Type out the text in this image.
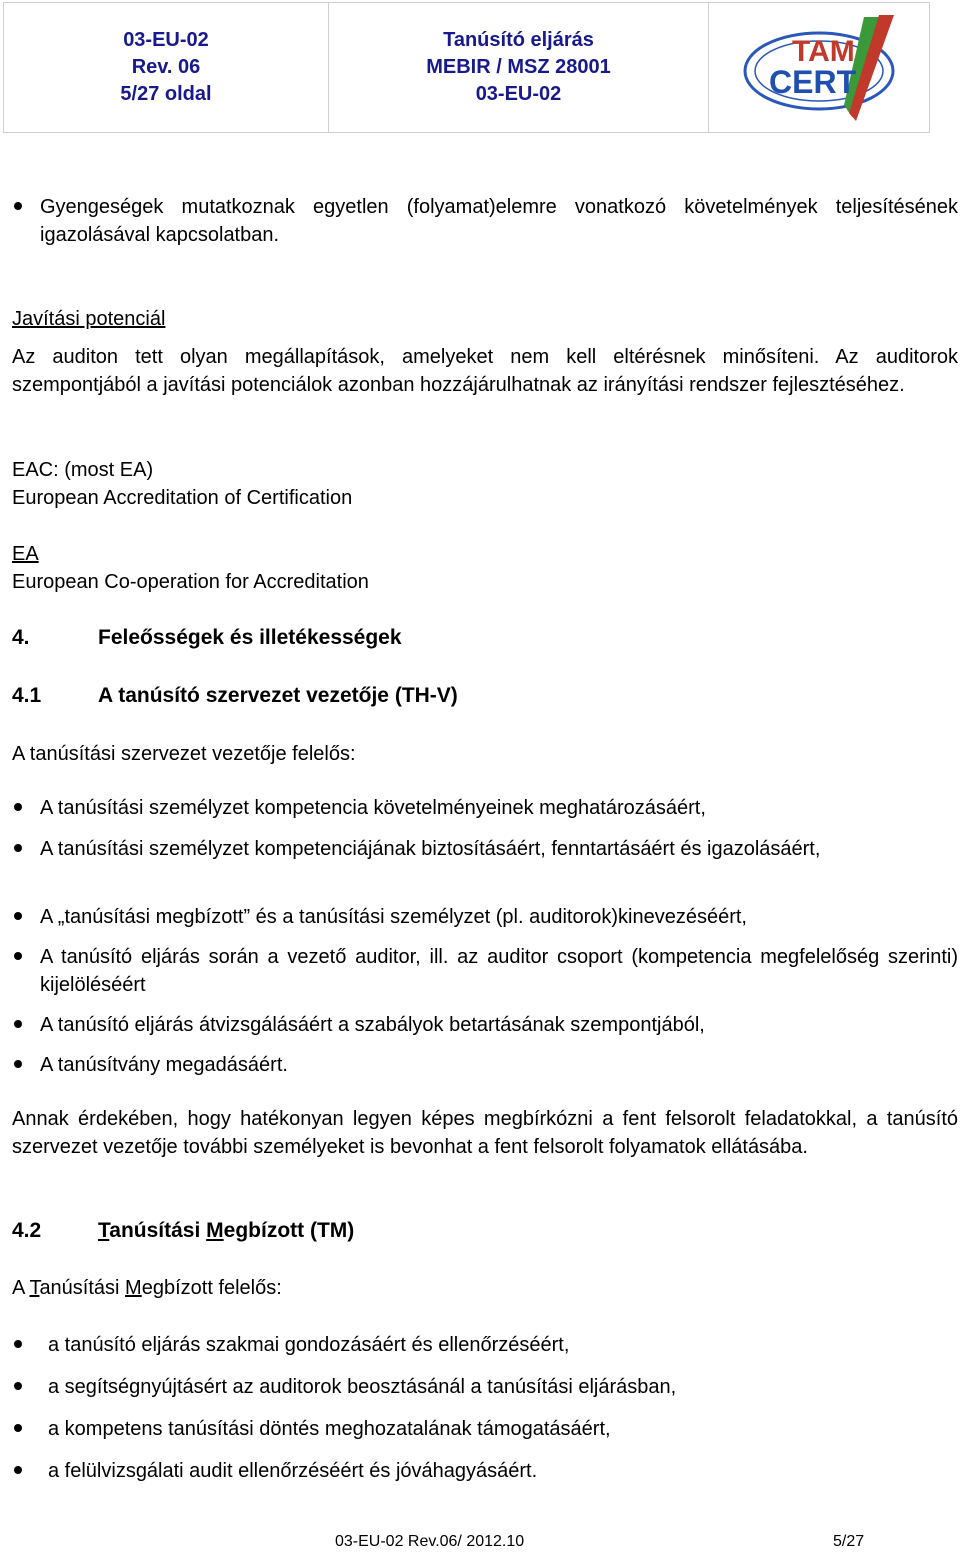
03-EU-02
Rev. 06
5/27 oldal
Tanúsító eljárás
MEBIR / MSZ 28001
03-EU-02
TAM
CERT
Gyengeségek mutatkoznak egyetlen (folyamat)elemre vonatkozó követelmények teljesítésének igazolásával kapcsolatban.
Javítási potenciál
Az auditon tett olyan megállapítások, amelyeket nem kell eltérésnek minősíteni. Az auditorok szempontjából a javítási potenciálok azonban hozzájárulhatnak az irányítási rendszer fejlesztéséhez.
EAC: (most EA)
European Accreditation of Certification
EA
European Co-operation for Accreditation
4.	Feleősségek és illetékességek
4.1	A tanúsító szervezet vezetője (TH-V)
A tanúsítási szervezet vezetője felelős:
A tanúsítási személyzet kompetencia követelményeinek meghatározásáért,
A tanúsítási személyzet kompetenciájának biztosításáért, fenntartásáért és igazolásáért,
A „tanúsítási megbízott” és a tanúsítási személyzet (pl. auditorok)kinevezéséért,
A tanúsító eljárás során a vezető auditor, ill. az auditor csoport (kompetencia megfelelőség szerinti) kijelöléséért
A tanúsító eljárás átvizsgálásáért a szabályok betartásának szempontjából,
A tanúsítvány megadásáért.
Annak érdekében, hogy hatékonyan legyen képes megbírkózni a fent felsorolt feladatokkal, a tanúsító szervezet vezetője további személyeket is bevonhat a fent felsorolt folyamatok ellátásába.
4.2	Tanúsítási Megbízott (TM)
A Tanúsítási Megbízott felelős:
a tanúsító eljárás szakmai gondozásáért és ellenőrzéséért,
a segítségnyújtásért az auditorok beosztásánál a tanúsítási eljárásban,
a kompetens tanúsítási döntés meghozatalának támogatásáért,
a felülvizsgálati audit ellenőrzéséért és jóváhagyásáért.
03-EU-02 Rev.06/ 2012.10	5/27
